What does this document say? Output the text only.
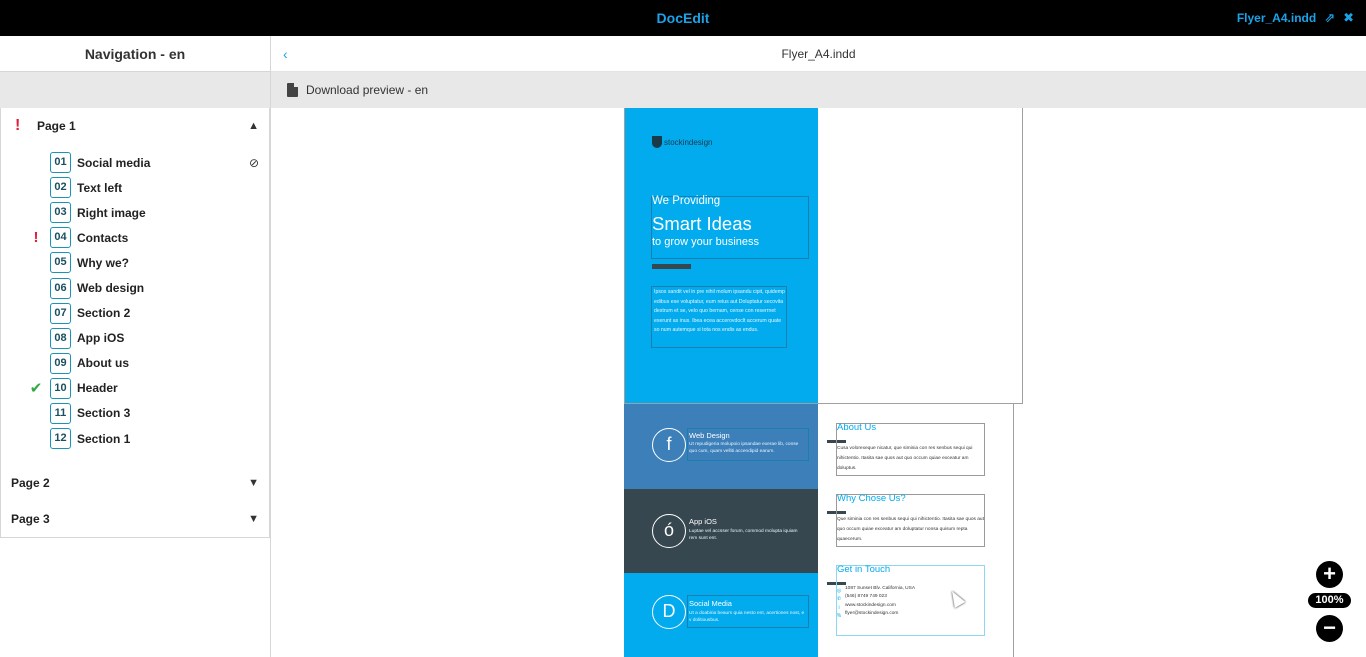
DocEdit	Flyer_A4.indd ⇗ ✖
Navigation - en
!	Page 1	▲
01 Social media	⊘
02 Text left
03 Right image
!	04 Contacts
05 Why we?
06 Web design
07 Section 2
08 App iOS
09 About us
✔	10 Header
11 Section 3
12 Section 1
Page 2	▼
Page 3	▼
‹	Flyer_A4.indd
Download preview - en
stockindesign
We Providing
Smart Ideas
to grow your business
Ipsos sandit vel in pre nihil molum ipsandu cipit, quidemp edibus ese voluptatur, eum reius aut Doluptatur secovita destrum et se, velo quo bernam, cense con reserrnet exerunt as inus. Ibea ecea accerovdoclt accerum quate so num autemque si tota nos endis as endus.
f	Web Design
Ut repudigeria molupoio ipsandae exerae lib, conse quo cum, quam velliti accendipid earum.
ó	App iOS
Luptae vel accsser forum, commod molupta iquiam rem sunt ent.
D	Social Media
Ut a doabiria beaum quia nesto ent, acertiones nost, e v dolitiousbus.
About Us
Cusa volorexeque nicatur, que siminia con res senbus sequi qui nihictentio. Itasita sae quos aut quo occum quiae exceatur am doluptus.
Why Chose Us?
Que siminia con res senbus sequi qui nihictentio. Itasita sae quos aut quo occum quiae exceatur am doluptatur nonsa quisum repta quaecerum.
Get in Touch
◎
✆
i
%
1087 Sunset Blv. California, USA
(546) 8749 749 023
www.stockindesign.com
flyer@stockindesign.com
+
100%
−
